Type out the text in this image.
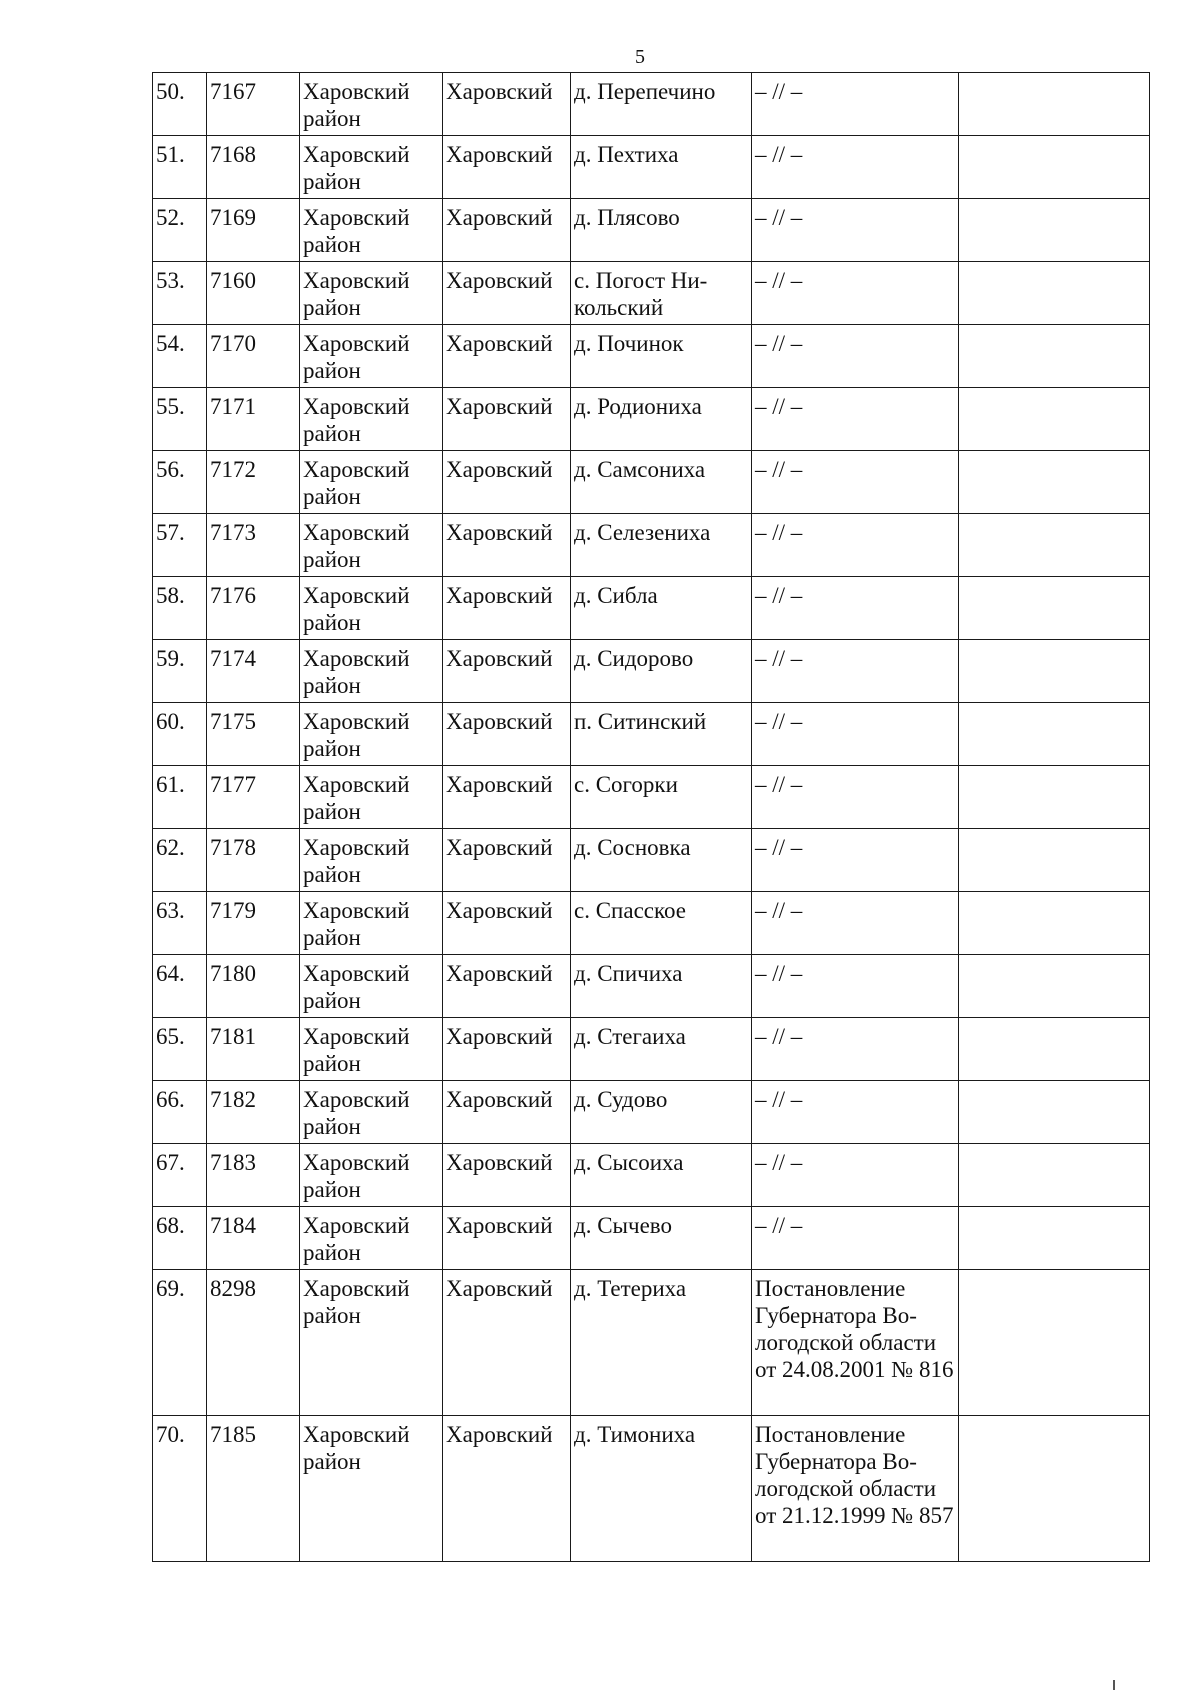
5
50.	7167	Харовский район	Харовский	д. Перепечино	– // –	
51.	7168	Харовский район	Харовский	д. Пехтиха	– // –	
52.	7169	Харовский район	Харовский	д. Плясово	– // –	
53.	7160	Харовский район	Харовский	с. Погост Ни-кольский	– // –	
54.	7170	Харовский район	Харовский	д. Починок	– // –	
55.	7171	Харовский район	Харовский	д. Родиониха	– // –	
56.	7172	Харовский район	Харовский	д. Самсониха	– // –	
57.	7173	Харовский район	Харовский	д. Селезениха	– // –	
58.	7176	Харовский район	Харовский	д. Сибла	– // –	
59.	7174	Харовский район	Харовский	д. Сидорово	– // –	
60.	7175	Харовский район	Харовский	п. Ситинский	– // –	
61.	7177	Харовский район	Харовский	с. Согорки	– // –	
62.	7178	Харовский район	Харовский	д. Сосновка	– // –	
63.	7179	Харовский район	Харовский	с. Спасское	– // –	
64.	7180	Харовский район	Харовский	д. Спичиха	– // –	
65.	7181	Харовский район	Харовский	д. Стегаиха	– // –	
66.	7182	Харовский район	Харовский	д. Судово	– // –	
67.	7183	Харовский район	Харовский	д. Сысоиха	– // –	
68.	7184	Харовский район	Харовский	д. Сычево	– // –	
69.	8298	Харовский район	Харовский	д. Тетериха	Постановление Губернатора Во-логодской области от 24.08.2001 № 816	
70.	7185	Харовский район	Харовский	д. Тимониха	Постановление Губернатора Во-логодской области от 21.12.1999 № 857	
